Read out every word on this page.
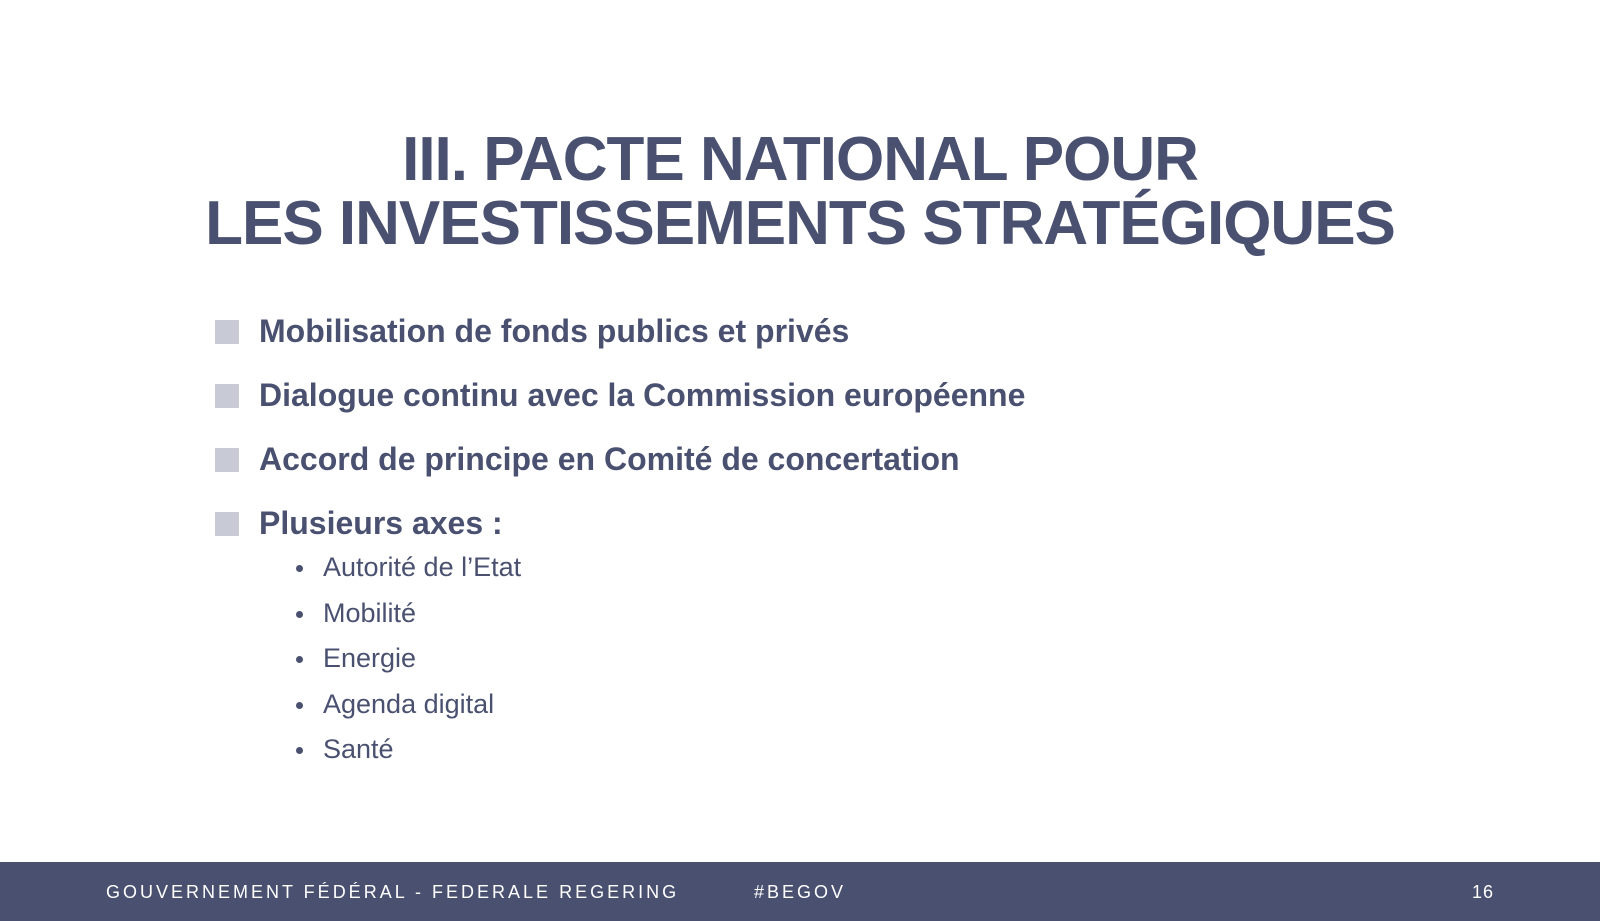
III. PACTE NATIONAL POUR
LES INVESTISSEMENTS STRATÉGIQUES
Mobilisation de fonds publics et privés
Dialogue continu avec la Commission européenne
Accord de principe en Comité de concertation
Plusieurs axes :
Autorité de l’Etat
Mobilité
Energie
Agenda digital
Santé
GOUVERNEMENT FÉDÉRAL - FEDERALE REGERING	#BEGOV	16
